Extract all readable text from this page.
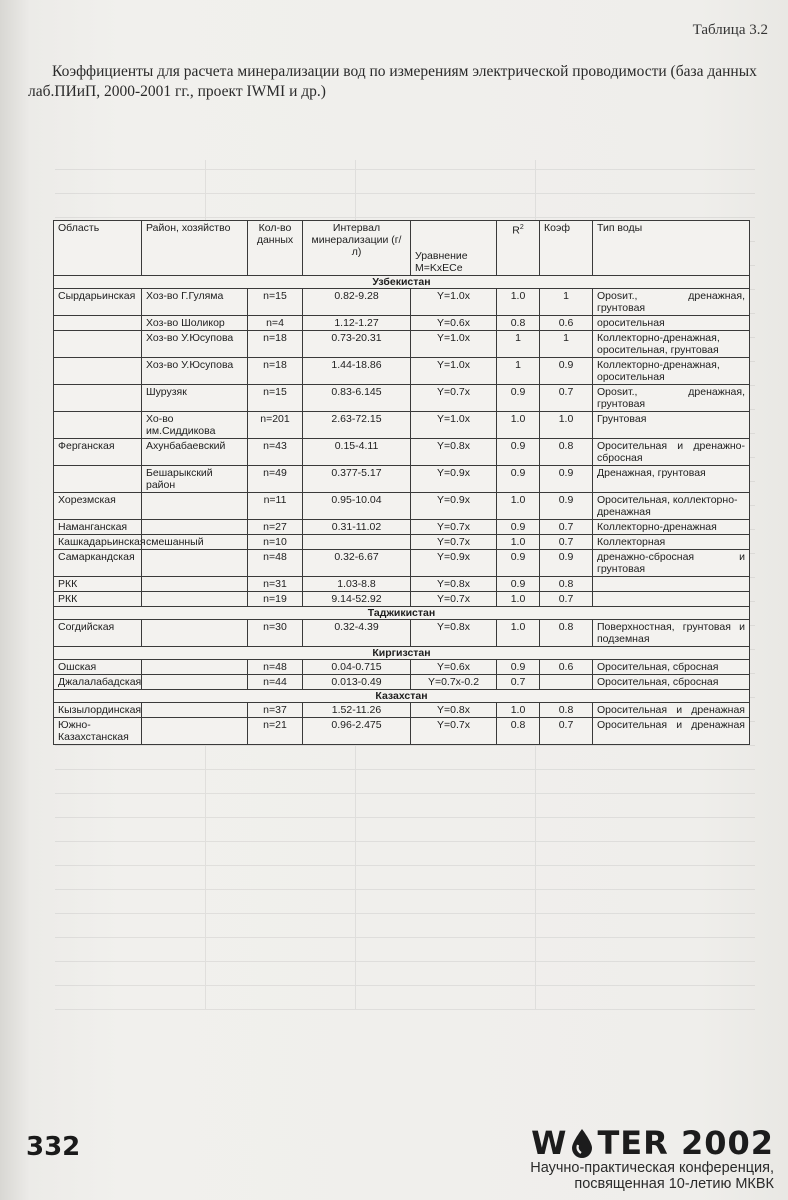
Таблица 3.2
Коэффициенты для расчета минерализации вод по измерениям электрической проводимости (база данных лаб.ПИиП, 2000-2001 гг., проект IWMI и др.)
Область	Район, хозяйство	Кол-во данных	Интервал минерализации (г/л)	Уравнение M=KxECe	$R^2$	Коэф	Тип воды
Узбекистан							
Сырдарьинская	Хоз-во Г.Гуляма	n=15	0.82-9.28	Y=1.0x	1.0	1	Орosит., дренажная, грунтовая
	Хоз-во Шоликор	n=4	1.12-1.27	Y=0.6x	0.8	0.6	оросительная
	Хоз-во У.Юсупова	n=18	0.73-20.31	Y=1.0x	1	1	Коллекторно-дренажная, оросительная, грунтовая
	Хоз-во У.Юсупова	n=18	1.44-18.86	Y=1.0x	1	0.9	Коллекторно-дренажная, оросительная
	Шурузяк	n=15	0.83-6.145	Y=0.7x	0.9	0.7	Орosит., дренажная, грунтовая
	Хо-во им.Сиддикова	n=201	2.63-72.15	Y=1.0x	1.0	1.0	Грунтовая
Ферганская	Ахунбабаевский	n=43	0.15-4.11	Y=0.8x	0.9	0.8	Оросительная и дренажно-сбросная
	Бешарыкский район	n=49	0.377-5.17	Y=0.9x	0.9	0.9	Дренажная, грунтовая
Хорезмская		n=11	0.95-10.04	Y=0.9x	1.0	0.9	Оросительная, коллекторно-дренажная
Наманганская		n=27	0.31-11.02	Y=0.7x	0.9	0.7	Коллекторно-дренажная
Кашкадарьинская	смешанный	n=10		Y=0.7x	1.0	0.7	Коллекторная
Самаркандская		n=48	0.32-6.67	Y=0.9x	0.9	0.9	дренажно-сбросная и грунтовая
РКК		n=31	1.03-8.8	Y=0.8x	0.9	0.8	
РКК		n=19	9.14-52.92	Y=0.7x	1.0	0.7	
Таджикистан							
Согдийская		n=30	0.32-4.39	Y=0.8x	1.0	0.8	Поверхностная, грунтовая и подземная
Киргизстан							
Ошская		n=48	0.04-0.715	Y=0.6x	0.9	0.6	Оросительная, сбросная
Джалалабадская		n=44	0.013-0.49	Y=0.7x-0.2	0.7		Оросительная, сбросная
Казахстан							
Кызылординская		n=37	1.52-11.26	Y=0.8x	1.0	0.8	Оросительная и дренажная
Южно-Казахстанская		n=21	0.96-2.475	Y=0.7x	0.8	0.7	Оросительная и дренажная
332	W TER 2002
Научно-практическая конференция,
посвященная 10-летию МКВК
